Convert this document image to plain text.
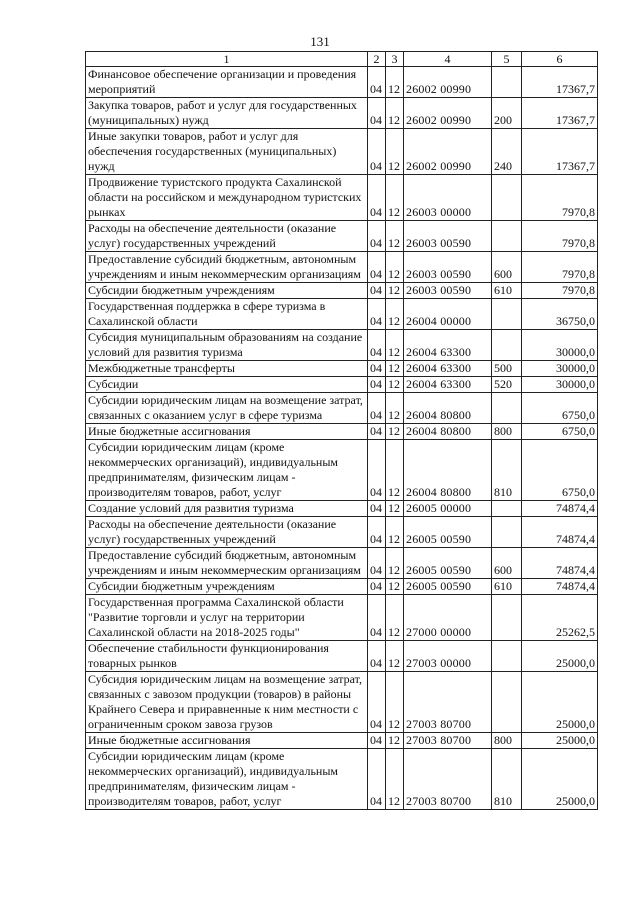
131
1	2	3	4	5	6
Финансовое обеспечение организации и проведения мероприятий	04	12	26002 00990		17367,7
Закупка товаров, работ и услуг для государственных (муниципальных) нужд	04	12	26002 00990	200	17367,7
Иные закупки товаров, работ и услуг для обеспечения государственных (муниципальных) нужд	04	12	26002 00990	240	17367,7
Продвижение туристского продукта Сахалинской области на российском и международном туристских рынках	04	12	26003 00000		7970,8
Расходы на обеспечение деятельности (оказание услуг) государственных учреждений	04	12	26003 00590		7970,8
Предоставление субсидий бюджетным, автономным учреждениям и иным некоммерческим организациям	04	12	26003 00590	600	7970,8
Субсидии бюджетным учреждениям	04	12	26003 00590	610	7970,8
Государственная поддержка в сфере туризма в Сахалинской области	04	12	26004 00000		36750,0
Субсидия муниципальным образованиям на создание условий для развития туризма	04	12	26004 63300		30000,0
Межбюджетные трансферты	04	12	26004 63300	500	30000,0
Субсидии	04	12	26004 63300	520	30000,0
Субсидии юридическим лицам на возмещение затрат, связанных с оказанием услуг в сфере туризма	04	12	26004 80800		6750,0
Иные бюджетные ассигнования	04	12	26004 80800	800	6750,0
Субсидии юридическим лицам (кроме некоммерческих организаций), индивидуальным предпринимателям, физическим лицам - производителям товаров, работ, услуг	04	12	26004 80800	810	6750,0
Создание условий для развития туризма	04	12	26005 00000		74874,4
Расходы на обеспечение деятельности (оказание услуг) государственных учреждений	04	12	26005 00590		74874,4
Предоставление субсидий бюджетным, автономным учреждениям и иным некоммерческим организациям	04	12	26005 00590	600	74874,4
Субсидии бюджетным учреждениям	04	12	26005 00590	610	74874,4
Государственная программа Сахалинской области "Развитие торговли и услуг на территории Сахалинской области на 2018-2025 годы"	04	12	27000 00000		25262,5
Обеспечение стабильности функционирования товарных рынков	04	12	27003 00000		25000,0
Субсидия юридическим лицам на возмещение затрат, связанных с завозом продукции (товаров) в районы Крайнего Севера и приравненные к ним местности с ограниченным сроком завоза грузов	04	12	27003 80700		25000,0
Иные бюджетные ассигнования	04	12	27003 80700	800	25000,0
Субсидии юридическим лицам (кроме некоммерческих организаций), индивидуальным предпринимателям, физическим лицам - производителям товаров, работ, услуг	04	12	27003 80700	810	25000,0
